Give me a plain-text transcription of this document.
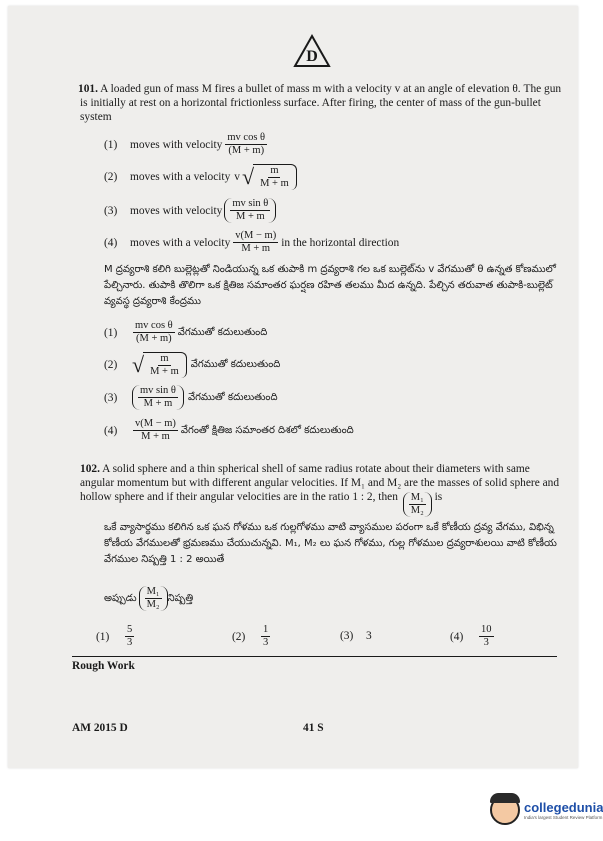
D
101. A loaded gun of mass M fires a bullet of mass m with a velocity v at an angle of elevation θ. The gun is initially at rest on a horizontal frictionless surface. After firing, the center of mass of the gun-bullet system
(1)	moves with velocity $\frac{\text{mv cos θ}}{(M + m)}$
(2)	moves with a velocity v √ $\frac{m}{M + m}$
(3)	moves with velocity $\frac{\text{mv sin θ}}{M + m}$
(4)	moves with a velocity $\frac{v(M - m)}{M + m}$ in the horizontal direction
M ద్రవ్యరాశి కలిగి బుల్లెట్లతో నిండియున్న ఒక తుపాకి m ద్రవ్యరాశి గల ఒక బుల్లెట్‌ను v వేగముతో θ ఉన్నత కోణములో పేల్చినారు. తుపాకి తొలిగా ఒక క్షితిజ సమాంతర ఘర్షణ రహిత తలము మీద ఉన్నది. పేల్చిన తరువాత తుపాకి-బుల్లెట్ వ్యవస్థ ద్రవ్యరాశి కేంద్రము
(1)	$\frac{\text{mv cos θ}}{(M + m)}$ వేగముతో కదులుతుంది
(2) √ $\frac{m}{M + m}$ వేగముతో కదులుతుంది
(3)	$\frac{\text{mv sin θ}}{M + m}$ వేగముతో కదులుతుంది
(4)	$\frac{v(M - m)}{M + m}$ వేగంతో క్షితిజ సమాంతర దిశలో కదులుతుంది
102. A solid sphere and a thin spherical shell of same radius rotate about their diameters with same angular momentum but with different angular velocities. If M₁ and M₂ are the masses of solid sphere and hollow sphere and if their angular velocities are in the ratio 1 : 2, then $\frac{\text{M₁}}{\text{M₂}}$ is
ఒకే వ్యాసార్థము కలిగిన ఒక ఘన గోళము ఒక గుల్లగోళము వాటి వ్యాసముల పరంగా ఒకే కోణీయ ద్రవ్య వేగము, విభిన్న కోణీయ వేగములతో భ్రమణము చేయుచున్నవి. M₁, M₂ లు ఘన గోళము, గుల్ల గోళముల ద్రవ్యరాశులయి వాటి కోణీయ వేగముల నిష్పత్తి 1 : 2 అయితే
అప్పుడు $\frac{\text{M₁}}{\text{M₂}}$ నిష్పత్తి
(1)	$\frac{5}{3}$	(2)	$\frac{1}{3}$	(3)	3	(4)	$\frac{10}{3}$
Rough Work
AM 2015 D	41 S
collegedunia
India's largest Student Review Platform
